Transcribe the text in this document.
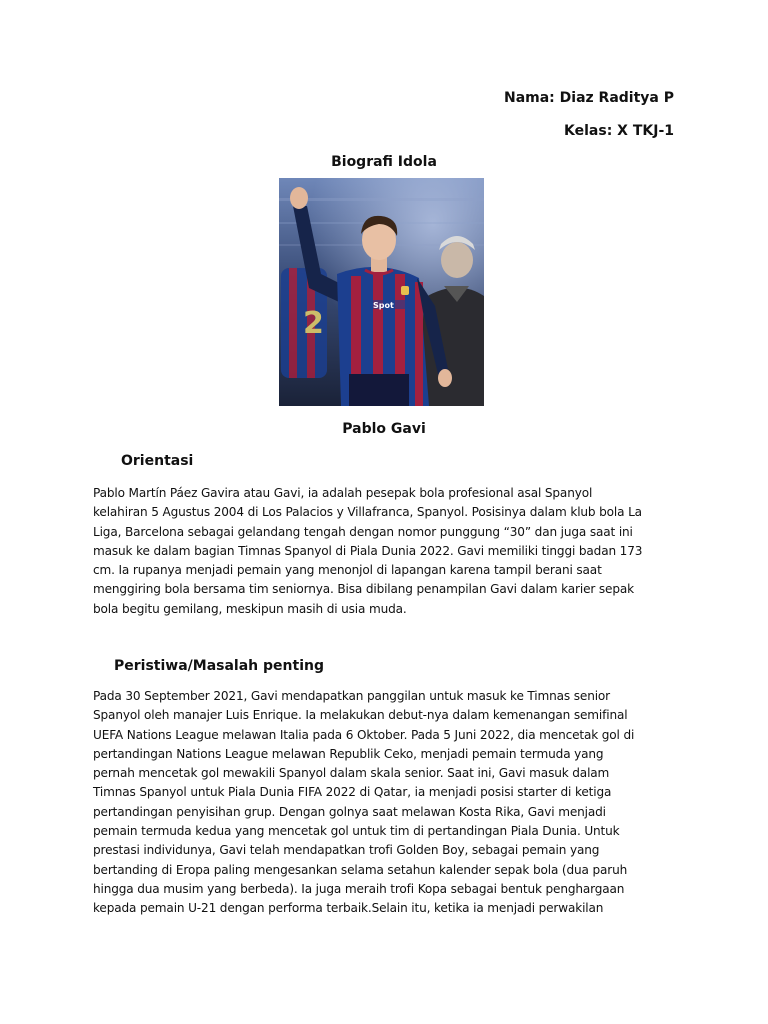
Nama: Diaz Raditya P
Kelas: X TKJ-1
Biografi Idola
2
Spot
Pablo Gavi
Orientasi
Pablo Martín Páez Gavira atau Gavi, ia adalah pesepak bola profesional asal Spanyol
kelahiran 5 Agustus 2004 di Los Palacios y Villafranca, Spanyol. Posisinya dalam klub bola La
Liga, Barcelona sebagai gelandang tengah dengan nomor punggung “30” dan juga saat ini
masuk ke dalam bagian Timnas Spanyol di Piala Dunia 2022. Gavi memiliki tinggi badan 173
cm. Ia rupanya menjadi pemain yang menonjol di lapangan karena tampil berani saat
menggiring bola bersama tim seniornya. Bisa dibilang penampilan Gavi dalam karier sepak
bola begitu gemilang, meskipun masih di usia muda.
Peristiwa/Masalah penting
Pada 30 September 2021, Gavi mendapatkan panggilan untuk masuk ke Timnas senior
Spanyol oleh manajer Luis Enrique. Ia melakukan debut-nya dalam kemenangan semifinal
UEFA Nations League melawan Italia pada 6 Oktober. Pada 5 Juni 2022, dia mencetak gol di
pertandingan Nations League melawan Republik Ceko, menjadi pemain termuda yang
pernah mencetak gol mewakili Spanyol dalam skala senior. Saat ini, Gavi masuk dalam
Timnas Spanyol untuk Piala Dunia FIFA 2022 di Qatar, ia menjadi posisi starter di ketiga
pertandingan penyisihan grup. Dengan golnya saat melawan Kosta Rika, Gavi menjadi
pemain termuda kedua yang mencetak gol untuk tim di pertandingan Piala Dunia. Untuk
prestasi individunya, Gavi telah mendapatkan trofi Golden Boy, sebagai pemain yang
bertanding di Eropa paling mengesankan selama setahun kalender sepak bola (dua paruh
hingga dua musim yang berbeda). Ia juga meraih trofi Kopa sebagai bentuk penghargaan
kepada pemain U-21 dengan performa terbaik.Selain itu, ketika ia menjadi perwakilan
